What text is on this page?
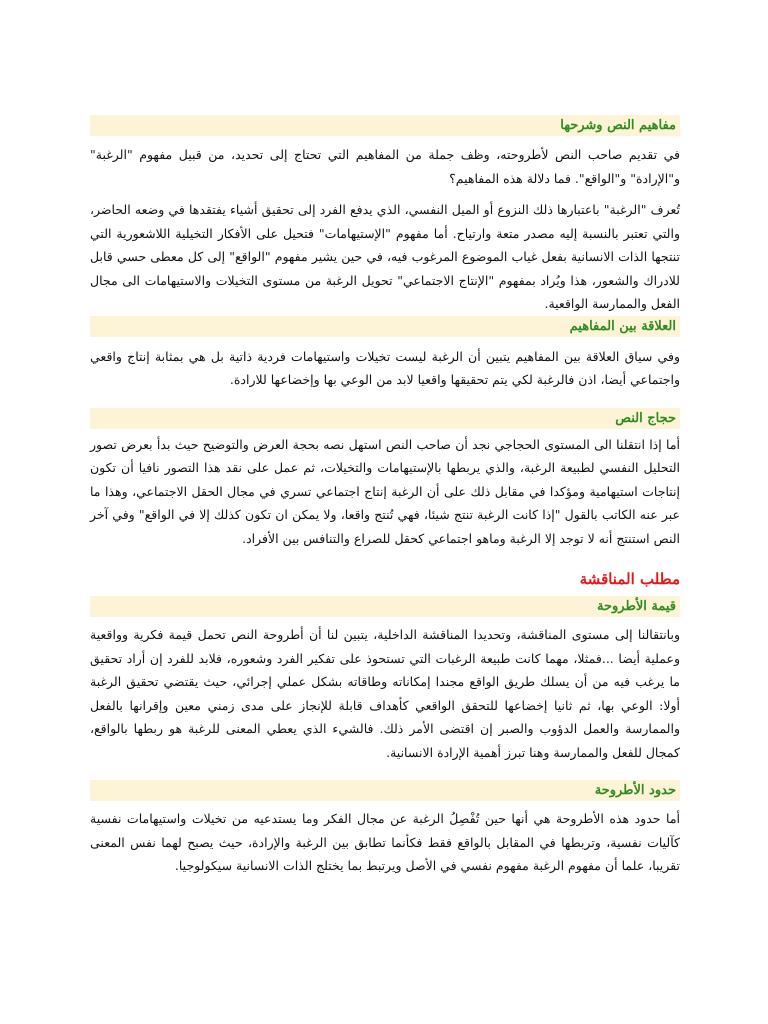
مفاهيم النص وشرحها

في تقديم صاحب النص لأطروحته، وظف جملة من المفاهيم التي تحتاج إلى تحديد، من قبيل مفهوم "الرغبة" و"الإرادة" و"الواقع". فما دلالة هذه المفاهيم؟

تُعرف "الرغبة" باعتبارها ذلك النزوع أو الميل النفسي، الذي يدفع الفرد إلى تحقيق أشياء يفتقدها في وضعه الحاضر، والتي تعتبر بالنسبة إليه مصدر متعة وارتياح. أما مفهوم "الإستيهامات" فتحيل على الأفكار التخيلية اللاشعورية التي تنتجها الذات الانسانية بفعل غياب الموضوع المرغوب فيه، في حين يشير مفهوم "الواقع" إلى كل معطى حسي قابل للادراك والشعور، هذا ويُراد بمفهوم "الإنتاج الاجتماعي" تحويل الرغبة من مستوى التخيلات والاستيهامات الى مجال الفعل والممارسة الواقعية.

العلاقة بين المفاهيم

وفي سياق العلاقة بين المفاهيم يتبين أن الرغبة ليست تخيلات واستيهامات فردية ذاتية بل هي بمثابة إنتاج واقعي واجتماعي أيضا، اذن فالرغبة لكي يتم تحقيقها واقعيا لابد من الوعي بها وإخضاعها للارادة.

حجاج النص

أما إذا انتقلنا الى المستوى الحجاجي نجد أن صاحب النص استهل نصه بحجة العرض والتوضيح حيث بدأ بعرض تصور التحليل النفسي لطبيعة الرغبة، والذي يربطها بالإستيهامات والتخيلات، ثم عمل على نقد هذا التصور نافيا أن تكون إنتاجات استيهامية ومؤكدا في مقابل ذلك على أن الرغبة إنتاج اجتماعي تسري في مجال الحقل الاجتماعي، وهذا ما عبر عنه الكاتب بالقول "إذا كانت الرغبة تنتج شيئا، فهي تُنتج واقعا، ولا يمكن ان تكون كذلك إلا في الواقع" وفي آخر النص استنتج أنه لا توجد إلا الرغبة وماهو اجتماعي كحقل للصراع والتنافس بين الأفراد.

مطلب المناقشة
قيمة الأطروحة

وبانتقالنا إلى مستوى المناقشة، وتحديدا المناقشة الداخلية، يتبين لنا أن أطروحة النص تحمل قيمة فكرية وواقعية وعملية أيضا ...فمثلا، مهما كانت طبيعة الرغبات التي تستحوذ على تفكير الفرد وشعوره، فلابد للفرد إن أراد تحقيق ما يرغب فيه من أن يسلك طريق الواقع مجندا إمكاناته وطاقاته بشكل عملي إجرائي، حيث يقتضي تحقيق الرغبة أولا: الوعي بها، ثم ثانيا إخضاعها للتحقق الواقعي كأهداف قابلة للإنجاز على مدى زمني معين وإقرانها بالفعل والممارسة والعمل الدؤوب والصبر إن اقتضى الأمر ذلك. فالشيء الذي يعطي المعنى للرغبة هو ربطها بالواقع، كمجال للفعل والممارسة وهنا تبرز أهمية الإرادة الانسانية.

حدود الأطروحة

أما حدود هذه الأطروحة هي أنها حين تُفْصِلُ الرغبة عن مجال الفكر وما يستدعيه من تخيلات واستيهامات نفسية كآليات نفسية، وتربطها في المقابل بالواقع فقط فكأنما تطابق بين الرغبة والإرادة، حيث يصبح لهما نفس المعنى تقريبا، علما أن مفهوم الرغبة مفهوم نفسي في الأصل ويرتبط بما يختلج الذات الانسانية سيكولوجيا.
